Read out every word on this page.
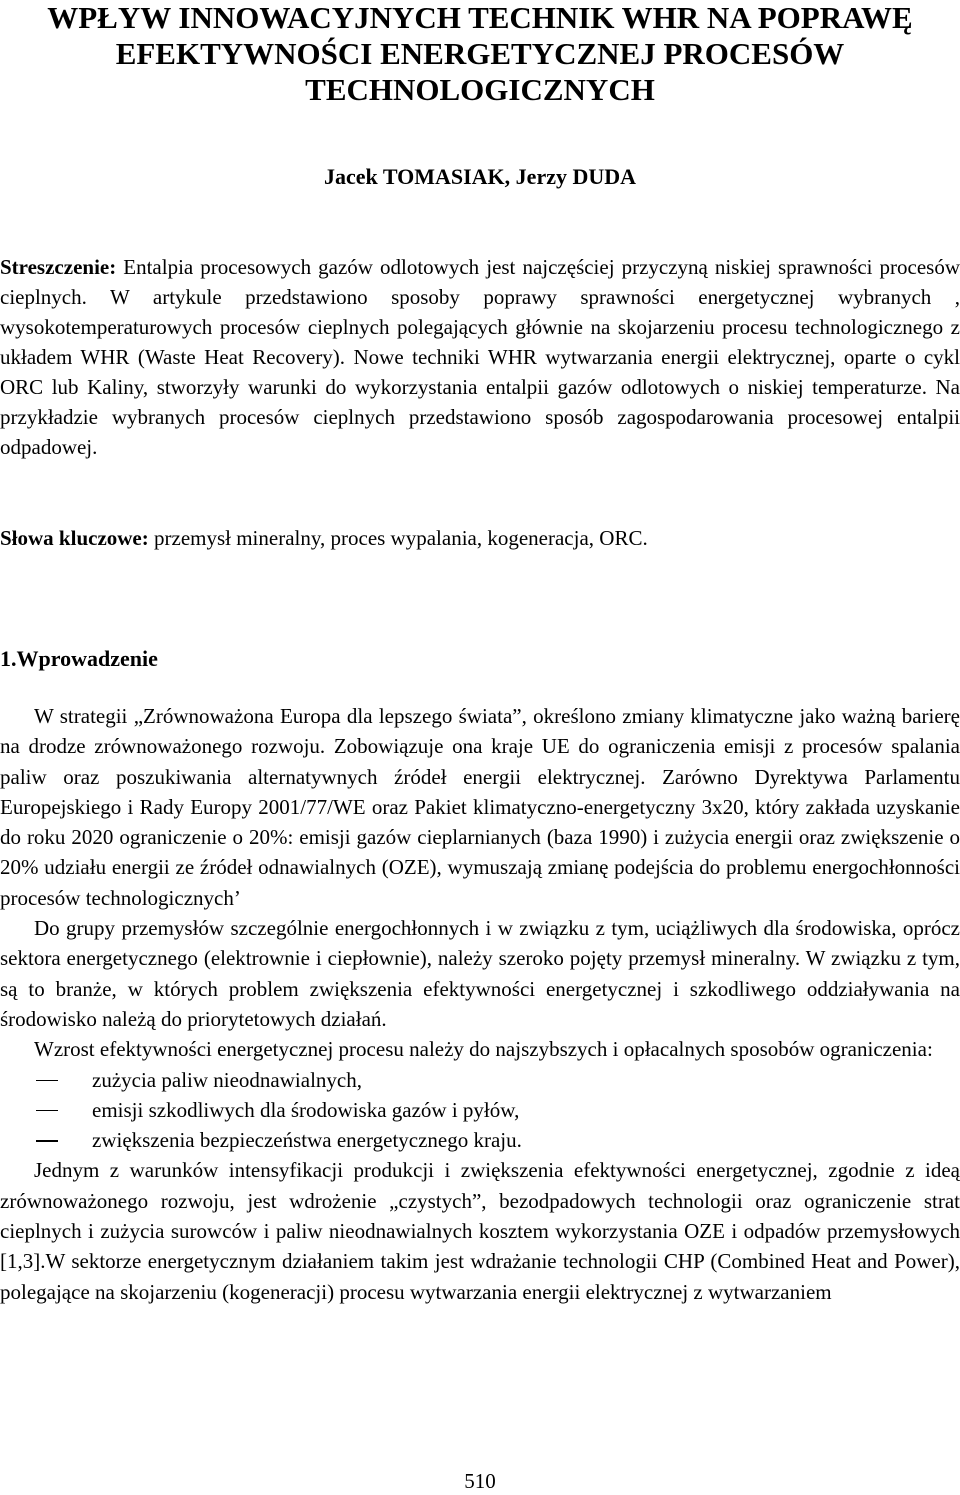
WPŁYW INNOWACYJNYCH TECHNIK WHR NA POPRAWĘ
EFEKTYWNOŚCI ENERGETYCZNEJ PROCESÓW
TECHNOLOGICZNYCH
Jacek TOMASIAK, Jerzy DUDA

Streszczenie: Entalpia procesowych gazów odlotowych jest najczęściej przyczyną niskiej sprawności procesów cieplnych. W artykule przedstawiono sposoby poprawy sprawności energetycznej wybranych , wysokotemperaturowych procesów cieplnych polegających głównie na skojarzeniu procesu technologicznego z układem WHR (Waste Heat Recovery). Nowe techniki WHR wytwarzania energii elektrycznej, oparte o cykl ORC lub Kaliny, stworzyły warunki do wykorzystania entalpii gazów odlotowych o niskiej temperaturze. Na przykładzie wybranych procesów cieplnych przedstawiono sposób zagospodarowania procesowej entalpii odpadowej.

Słowa kluczowe: przemysł mineralny, proces wypalania, kogeneracja, ORC.
1.Wprowadzenie

W strategii „Zrównoważona Europa dla lepszego świata”, określono zmiany klimatyczne jako ważną barierę na drodze zrównoważonego rozwoju. Zobowiązuje ona kraje UE do ograniczenia emisji z procesów spalania paliw oraz poszukiwania alternatywnych źródeł energii elektrycznej. Zarówno Dyrektywa Parlamentu Europejskiego i Rady Europy 2001/77/WE oraz Pakiet klimatyczno-energetyczny 3x20, który zakłada uzyskanie do roku 2020 ograniczenie o 20%: emisji gazów cieplarnianych (baza 1990) i zużycia energii oraz zwiększenie o 20% udziału energii ze źródeł odnawialnych (OZE), wymuszają zmianę podejścia do problemu energochłonności procesów technologicznych’

Do grupy przemysłów szczególnie energochłonnych i w związku z tym, uciążliwych dla środowiska, oprócz sektora energetycznego (elektrownie i ciepłownie), należy szeroko pojęty przemysł mineralny. W związku z tym, są to branże, w których problem zwiększenia efektywności energetycznej i szkodliwego oddziaływania na środowisko należą do priorytetowych działań.

Wzrost efektywności energetycznej procesu należy do najszybszych i opłacalnych sposobów ograniczenia:

zużycia paliw nieodnawialnych,
emisji szkodliwych dla środowiska gazów i pyłów,
zwiększenia bezpieczeństwa energetycznego kraju.

Jednym z warunków intensyfikacji produkcji i zwiększenia efektywności energetycznej, zgodnie z ideą zrównoważonego rozwoju, jest wdrożenie „czystych”, bezodpadowych technologii oraz ograniczenie strat cieplnych i zużycia surowców i paliw nieodnawialnych kosztem wykorzystania OZE i odpadów przemysłowych [1,3].W sektorze energetycznym działaniem takim jest wdrażanie technologii CHP (Combined Heat and Power), polegające na skojarzeniu (kogeneracji) procesu wytwarzania energii elektrycznej z wytwarzaniem

510
